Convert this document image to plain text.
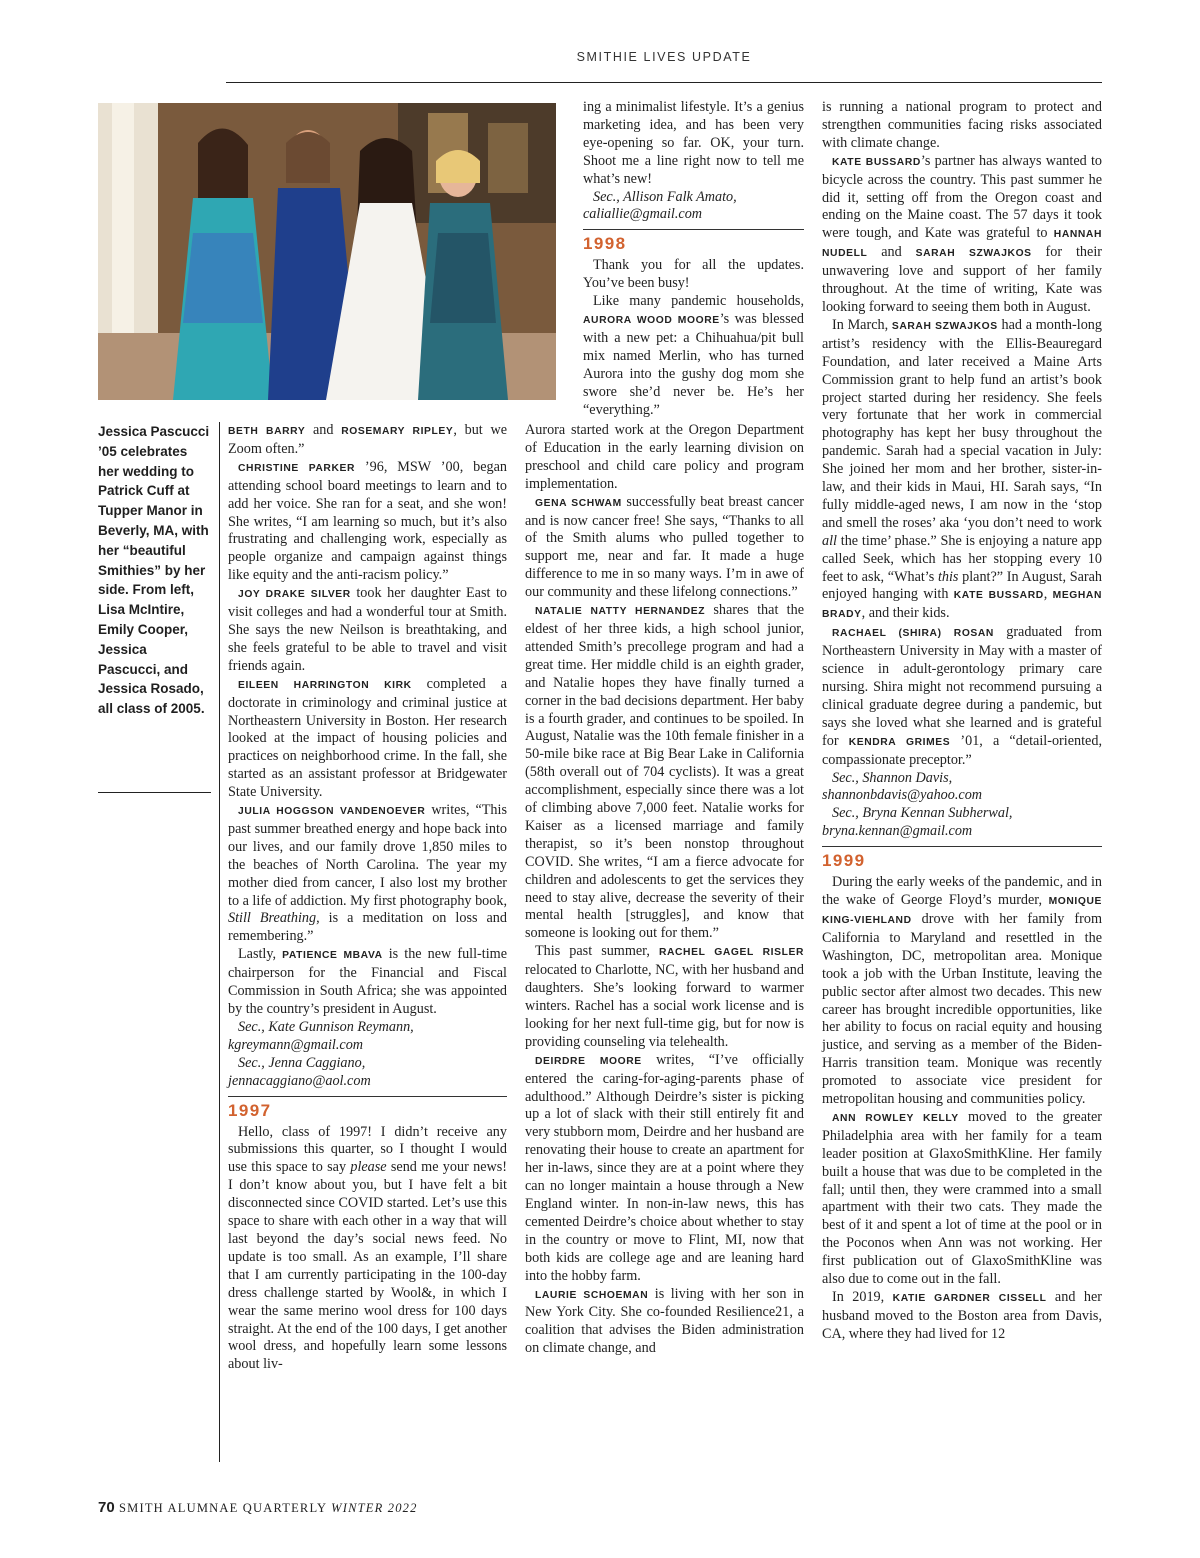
SMITHIE LIVES UPDATE
Jessica Pascucci ’05 celebrates her wedding to Patrick Cuff at Tupper Manor in Beverly, MA, with her “beautiful Smithies” by her side. From left, Lisa McIntire, Emily Cooper, Jessica Pascucci, and Jessica Rosado, all class of 2005.

BETH BARRY and ROSEMARY RIPLEY, but we Zoom often.”

CHRISTINE PARKER ’96, MSW ’00, began attending school board meetings to learn and to add her voice. She ran for a seat, and she won! She writes, “I am learning so much, but it’s also frustrating and challenging work, especially as people organize and campaign against things like equity and the anti-racism policy.”

JOY DRAKE SILVER took her daughter East to visit colleges and had a wonderful tour at Smith. She says the new Neilson is breathtaking, and she feels grateful to be able to travel and visit friends again.

EILEEN HARRINGTON KIRK completed a doctorate in criminology and criminal justice at Northeastern University in Boston. Her research looked at the impact of housing policies and practices on neighborhood crime. In the fall, she started as an assistant professor at Bridgewater State University.

JULIA HOGGSON VANDENOEVER writes, “This past summer breathed energy and hope back into our lives, and our family drove 1,850 miles to the beaches of North Carolina. The year my mother died from cancer, I also lost my brother to a life of addiction. My first photography book, Still Breathing, is a meditation on loss and remembering.”

Lastly, PATIENCE MBAVA is the new full-time chairperson for the Financial and Fiscal Commission in South Africa; she was appointed by the country’s president in August.

Sec., Kate Gunnison Reymann,

kgreymann@gmail.com

Sec., Jenna Caggiano,

jennacaggiano@aol.com

1997

Hello, class of 1997! I didn’t receive any submissions this quarter, so I thought I would use this space to say please send me your news! I don’t know about you, but I have felt a bit disconnected since COVID started. Let’s use this space to share with each other in a way that will last beyond the day’s social news feed. No update is too small. As an example, I’ll share that I am currently participating in the 100-day dress challenge started by Wool&, in which I wear the same merino wool dress for 100 days straight. At the end of the 100 days, I get another wool dress, and hopefully learn some lessons about liv-

ing a minimalist lifestyle. It’s a genius marketing idea, and has been very eye-opening so far. OK, your turn. Shoot me a line right now to tell me what’s new!

Sec., Allison Falk Amato,

caliallie@gmail.com

1998

Thank you for all the updates. You’ve been busy!

Like many pandemic households, AURORA WOOD MOORE’s was blessed with a new pet: a Chihuahua/pit bull mix named Merlin, who has turned Aurora into the gushy dog mom she swore she’d never be. He’s her “everything.”

Aurora started work at the Oregon Department of Education in the early learning division on preschool and child care policy and program implementation.

GENA SCHWAM successfully beat breast cancer and is now cancer free! She says, “Thanks to all of the Smith alums who pulled together to support me, near and far. It made a huge difference to me in so many ways. I’m in awe of our community and these lifelong connections.”

NATALIE NATTY HERNANDEZ shares that the eldest of her three kids, a high school junior, attended Smith’s precollege program and had a great time. Her middle child is an eighth grader, and Natalie hopes they have finally turned a corner in the bad decisions department. Her baby is a fourth grader, and continues to be spoiled. In August, Natalie was the 10th female finisher in a 50-mile bike race at Big Bear Lake in California (58th overall out of 704 cyclists). It was a great accomplishment, especially since there was a lot of climbing above 7,000 feet. Natalie works for Kaiser as a licensed marriage and family therapist, so it’s been nonstop throughout COVID. She writes, “I am a fierce advocate for children and adolescents to get the services they need to stay alive, decrease the severity of their mental health [struggles], and know that someone is looking out for them.”

This past summer, RACHEL GAGEL RISLER relocated to Charlotte, NC, with her husband and daughters. She’s looking forward to warmer winters. Rachel has a social work license and is looking for her next full-time gig, but for now is providing counseling via telehealth.

DEIRDRE MOORE writes, “I’ve officially entered the caring-for-aging-parents phase of adulthood.” Although Deirdre’s sister is picking up a lot of slack with their still entirely fit and very stubborn mom, Deirdre and her husband are renovating their house to create an apartment for her in-laws, since they are at a point where they can no longer maintain a house through a New England winter. In non-in-law news, this has cemented Deirdre’s choice about whether to stay in the country or move to Flint, MI, now that both kids are college age and are leaning hard into the hobby farm.

LAURIE SCHOEMAN is living with her son in New York City. She co-founded Resilience21, a coalition that advises the Biden administration on climate change, and

is running a national program to protect and strengthen communities facing risks associated with climate change.

KATE BUSSARD’s partner has always wanted to bicycle across the country. This past summer he did it, setting off from the Oregon coast and ending on the Maine coast. The 57 days it took were tough, and Kate was grateful to HANNAH NUDELL and SARAH SZWAJKOS for their unwavering love and support of her family throughout. At the time of writing, Kate was looking forward to seeing them both in August.

In March, SARAH SZWAJKOS had a month-long artist’s residency with the Ellis-Beauregard Foundation, and later received a Maine Arts Commission grant to help fund an artist’s book project started during her residency. She feels very fortunate that her work in commercial photography has kept her busy throughout the pandemic. Sarah had a special vacation in July: She joined her mom and her brother, sister-in-law, and their kids in Maui, HI. Sarah says, “In fully middle-aged news, I am now in the ‘stop and smell the roses’ aka ‘you don’t need to work all the time’ phase.” She is enjoying a nature app called Seek, which has her stopping every 10 feet to ask, “What’s this plant?” In August, Sarah enjoyed hanging with KATE BUSSARD, MEGHAN BRADY, and their kids.

RACHAEL (SHIRA) ROSAN graduated from Northeastern University in May with a master of science in adult-gerontology primary care nursing. Shira might not recommend pursuing a clinical graduate degree during a pandemic, but says she loved what she learned and is grateful for KENDRA GRIMES ’01, a “detail-oriented, compassionate preceptor.”

Sec., Shannon Davis,

shannonbdavis@yahoo.com

Sec., Bryna Kennan Subherwal,

bryna.kennan@gmail.com

1999

During the early weeks of the pandemic, and in the wake of George Floyd’s murder, MONIQUE KING-VIEHLAND drove with her family from California to Maryland and resettled in the Washington, DC, metropolitan area. Monique took a job with the Urban Institute, leaving the public sector after almost two decades. This new career has brought incredible opportunities, like her ability to focus on racial equity and housing justice, and serving as a member of the Biden-Harris transition team. Monique was recently promoted to associate vice president for metropolitan housing and communities policy.

ANN ROWLEY KELLY moved to the greater Philadelphia area with her family for a team leader position at GlaxoSmithKline. Her family built a house that was due to be completed in the fall; until then, they were crammed into a small apartment with their two cats. They made the best of it and spent a lot of time at the pool or in the Poconos when Ann was not working. Her first publication out of GlaxoSmithKline was also due to come out in the fall.

In 2019, KATIE GARDNER CISSELL and her husband moved to the Boston area from Davis, CA, where they had lived for 12

70 SMITH ALUMNAE QUARTERLY WINTER 2022
